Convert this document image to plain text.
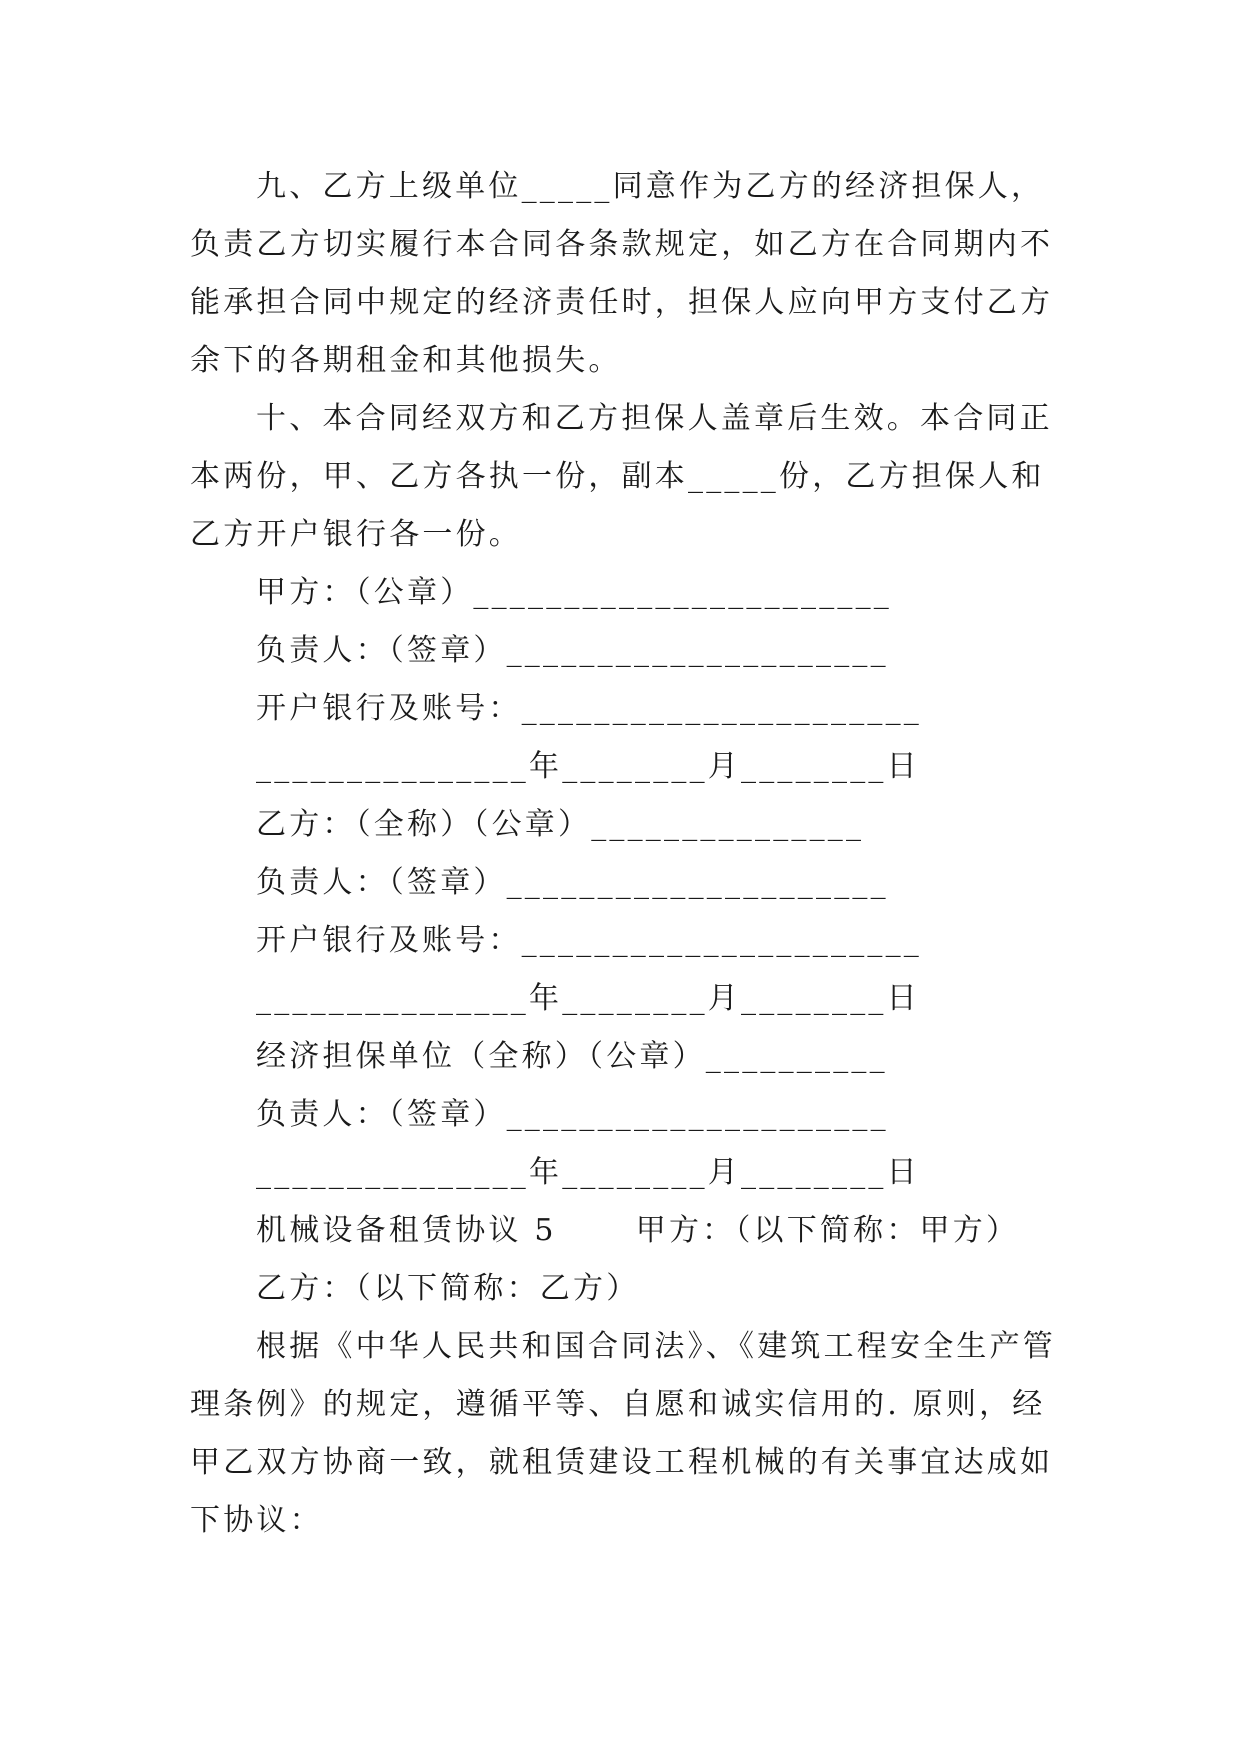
九、乙方上级单位_____同意作为乙方的经济担保人，
负责乙方切实履行本合同各条款规定，如乙方在合同期内不
能承担合同中规定的经济责任时，担保人应向甲方支付乙方
余下的各期租金和其他损失。
十、本合同经双方和乙方担保人盖章后生效。本合同正
本两份，甲、乙方各执一份，副本_____份，乙方担保人和
乙方开户银行各一份。
甲方：（公章）_______________________
负责人：（签章）_____________________
开户银行及账号：______________________
_______________年________月________日
乙方：（全称）（公章）_______________
负责人：（签章）_____________________
开户银行及账号：______________________
_______________年________月________日
经济担保单位（全称）（公章）__________
负责人：（签章）_____________________
_______________年________月________日
机械设备租赁协议 5　　 甲方：（以下简称：甲方）
乙方：（以下简称：乙方）
根据《中华人民共和国合同法》、《建筑工程安全生产管
理条例》的规定，遵循平等、自愿和诚实信用的. 原则，经
甲乙双方协商一致，就租赁建设工程机械的有关事宜达成如
下协议：
